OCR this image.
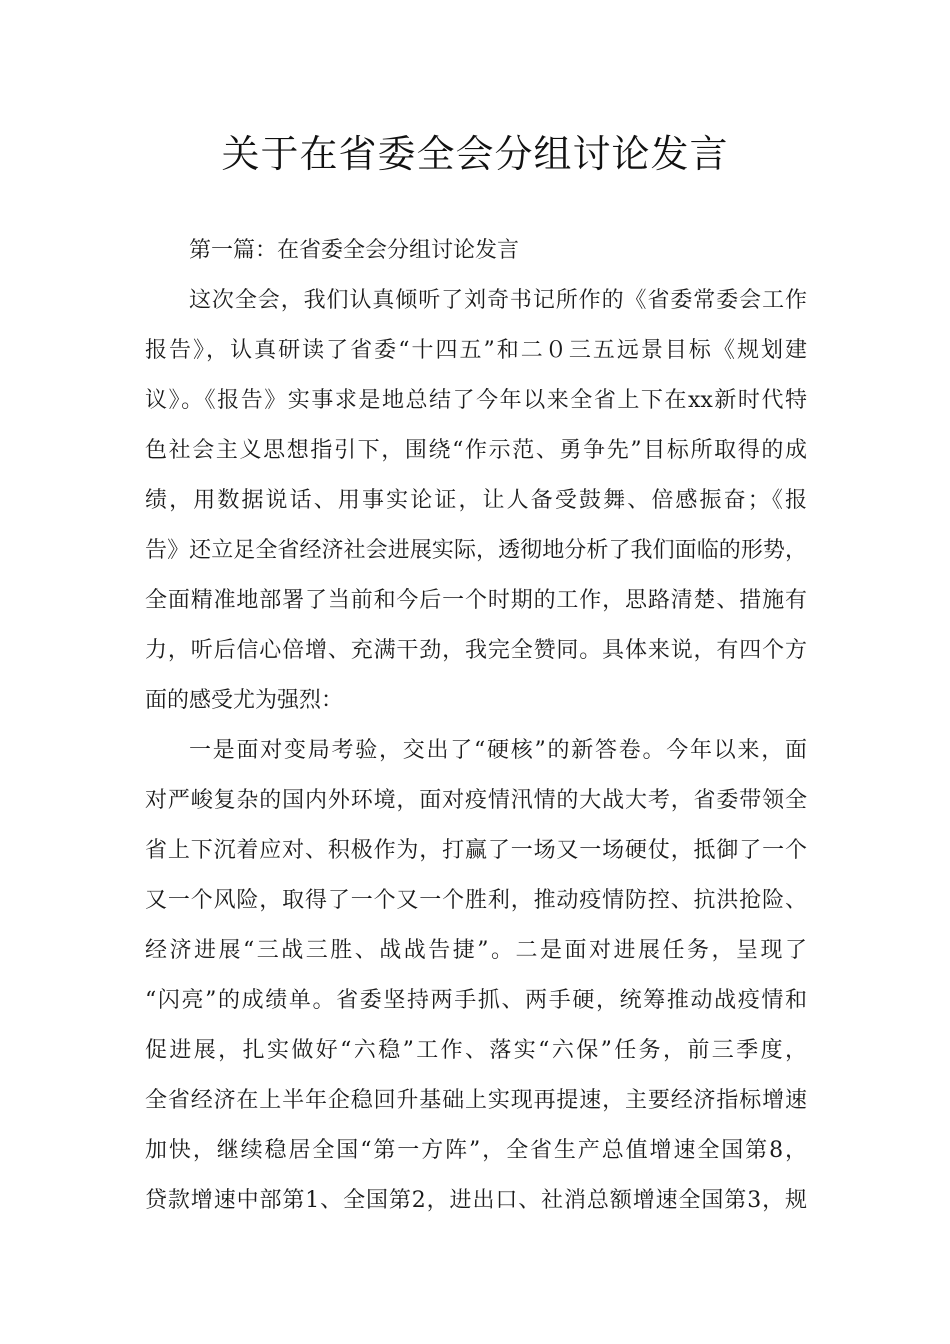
关于在省委全会分组讨论发言
第一篇：在省委全会分组讨论发言
这次全会，我们认真倾听了刘奇书记所作的《省委常委会工作
报告》，认真研读了省委“十四五”和二０三五远景目标《规划建
议》。《报告》实事求是地总结了今年以来全省上下在xx新时代特
色社会主义思想指引下，围绕“作示范、勇争先”目标所取得的成
绩，用数据说话、用事实论证，让人备受鼓舞、倍感振奋；《报
告》还立足全省经济社会进展实际，透彻地分析了我们面临的形势，
全面精准地部署了当前和今后一个时期的工作，思路清楚、措施有
力，听后信心倍增、充满干劲，我完全赞同。具体来说，有四个方
面的感受尤为强烈：
一是面对变局考验，交出了“硬核”的新答卷。今年以来，面
对严峻复杂的国内外环境，面对疫情汛情的大战大考，省委带领全
省上下沉着应对、积极作为，打赢了一场又一场硬仗，抵御了一个
又一个风险，取得了一个又一个胜利，推动疫情防控、抗洪抢险、
经济进展“三战三胜、战战告捷”。二是面对进展任务，呈现了
“闪亮”的成绩单。省委坚持两手抓、两手硬，统筹推动战疫情和
促进展，扎实做好“六稳”工作、落实“六保”任务，前三季度，
全省经济在上半年企稳回升基础上实现再提速，主要经济指标增速
加快，继续稳居全国“第一方阵”，全省生产总值增速全国第8，
贷款增速中部第1、全国第2，进出口、社消总额增速全国第3，规
